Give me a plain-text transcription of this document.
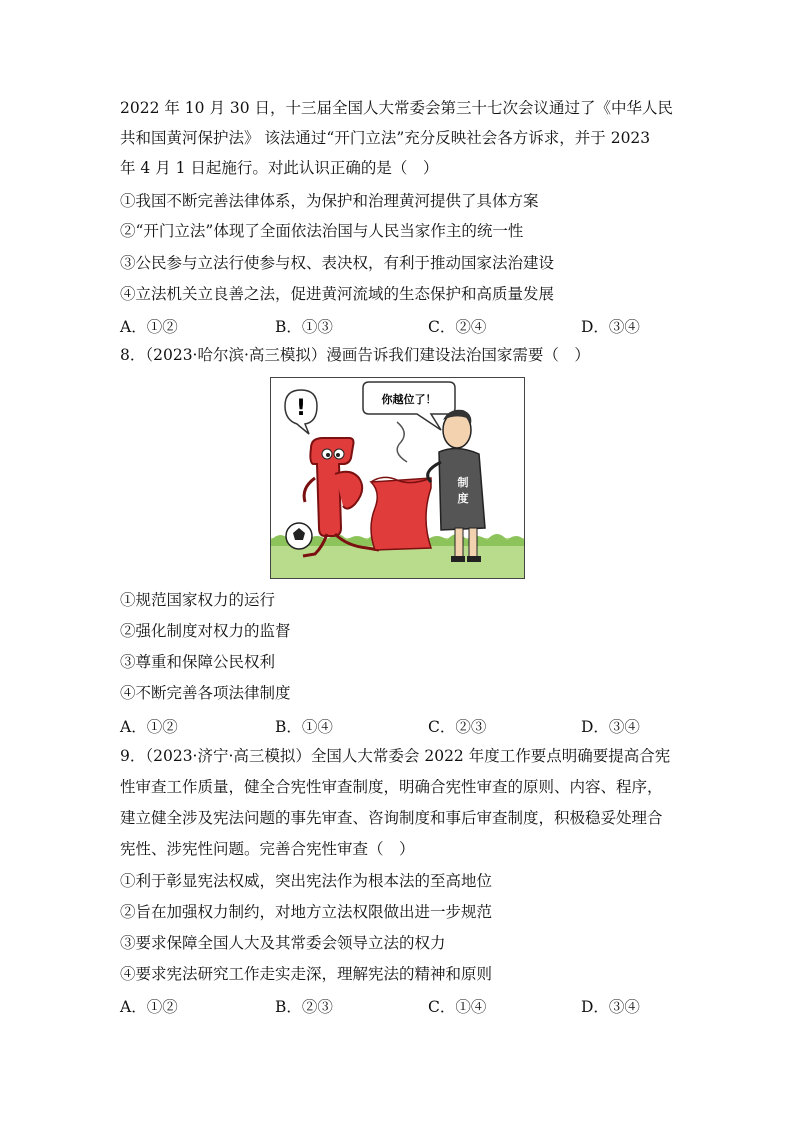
2022 年 10 月 30 日，十三届全国人大常委会第三十七次会议通过了《中华人民
共和国黄河保护法》 该法通过“开门立法”充分反映社会各方诉求，并于 2023
年 4 月 1 日起施行。对此认识正确的是（　）
①我国不断完善法律体系，为保护和治理黄河提供了具体方案
②“开门立法”体现了全面依法治国与人民当家作主的统一性
③公民参与立法行使参与权、表决权，有利于推动国家法治建设
④立法机关立良善之法，促进黄河流域的生态保护和高质量发展
A．①②	B．①③	C．②④	D．③④
8．（2023·哈尔滨·高三模拟）漫画告诉我们建设法治国家需要（　）
你越位了！
!
制
度
①规范国家权力的运行
②强化制度对权力的监督
③尊重和保障公民权利
④不断完善各项法律制度
A．①②	B．①④	C．②③	D．③④
9．（2023·济宁·高三模拟）全国人大常委会 2022 年度工作要点明确要提高合宪
性审查工作质量，健全合宪性审查制度，明确合宪性审查的原则、内容、程序，
建立健全涉及宪法问题的事先审查、咨询制度和事后审查制度，积极稳妥处理合
宪性、涉宪性问题。完善合宪性审查（　）
①利于彰显宪法权威，突出宪法作为根本法的至高地位
②旨在加强权力制约，对地方立法权限做出进一步规范
③要求保障全国人大及其常委会领导立法的权力
④要求宪法研究工作走实走深，理解宪法的精神和原则
A．①②	B．②③	C．①④	D．③④
